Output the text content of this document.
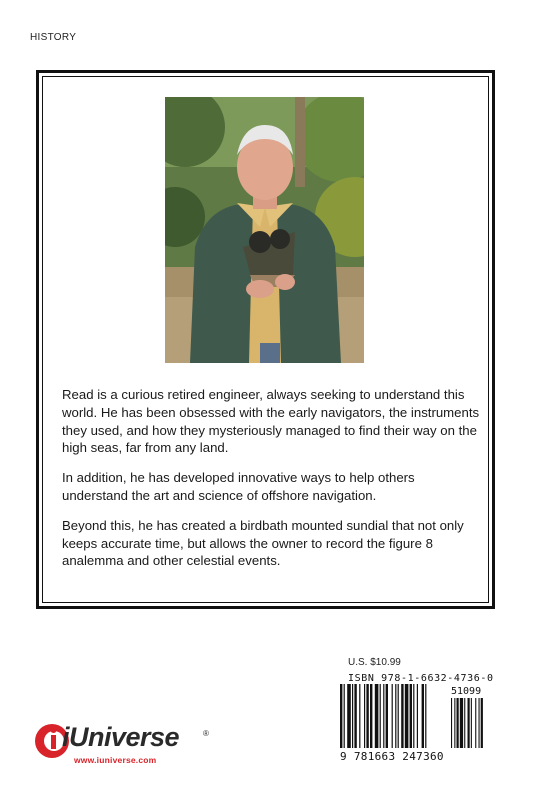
HISTORY

Read is a curious retired engineer, always seeking to understand this world. He has been obsessed with the early navigators, the instruments they used, and how they mysteriously managed to find their way on the high seas, far from any land.

In addition, he has developed innovative ways to help others understand the art and science of offshore navigation.

Beyond this, he has created a birdbath mounted sundial that not only keeps accurate time, but allows the owner to record the figure 8 analemma and other celestial events.

U.S. $10.99
ISBN 978-1-6632-4736-0
51099
9 781663 247360
iUniverse	®
www.iuniverse.com
